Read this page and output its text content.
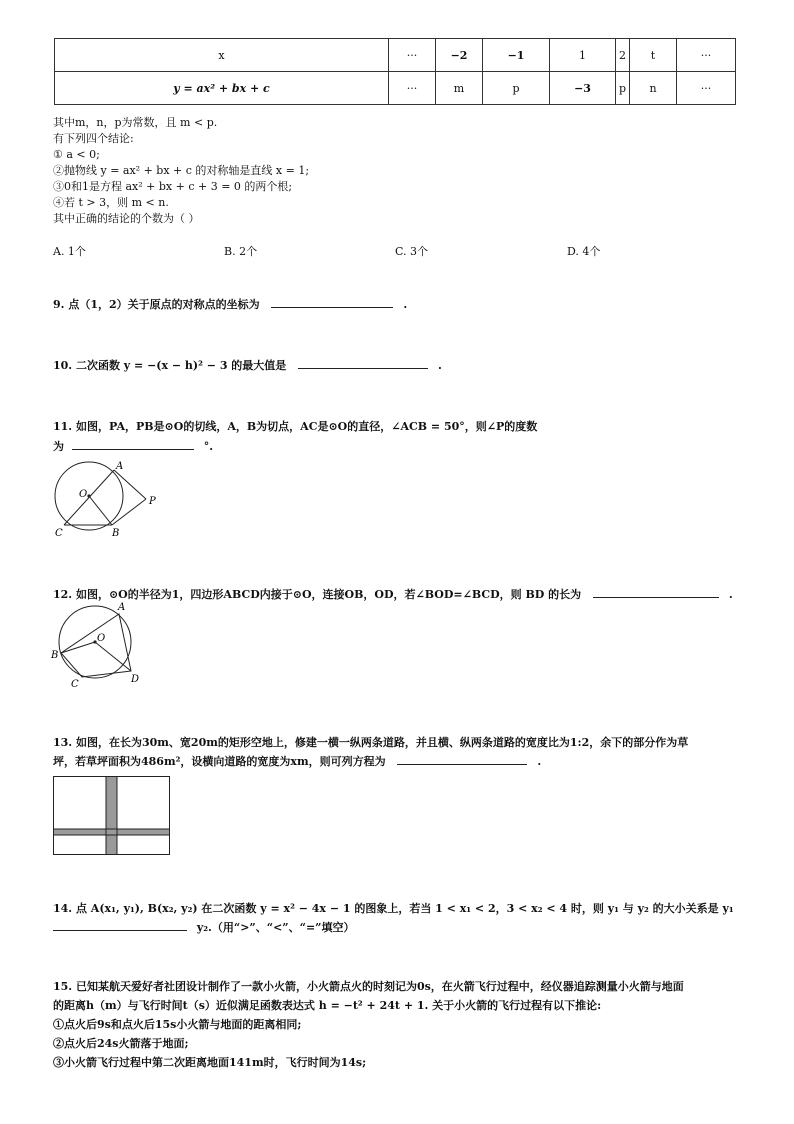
x	···	−2	−1	1	2	t	···
y = ax² + bx + c	···	m	p	−3	p	n	···
其中m，n，p为常数，且 m < p.
有下列四个结论:
① a < 0;
②抛物线 y = ax² + bx + c 的对称轴是直线 x = 1;
③0和1是方程 ax² + bx + c + 3 = 0 的两个根;
④若 t > 3，则 m < n.
其中正确的结论的个数为（ ）
A. 1个	B. 2个	C. 3个	D. 4个
9. 点（1，2）关于原点的对称点的坐标为	.
10. 二次函数 y = −(x − h)² − 3 的最大值是	.
11. 如图，PA，PB是⊙O的切线，A，B为切点，AC是⊙O的直径，∠ACB = 50°，则∠P的度数
为	°.
A
O
P
C	B
12. 如图，⊙O的半径为1，四边形ABCD内接于⊙O，连接OB，OD，若∠BOD=∠BCD，则 BD 的长为	.
A
O
B
C	D
13. 如图，在长为30m、宽20m的矩形空地上，修建一横一纵两条道路，并且横、纵两条道路的宽度比为1:2，余下的部分作为草
坪，若草坪面积为486m²，设横向道路的宽度为xm，则可列方程为	.
14. 点 A(x₁, y₁), B(x₂, y₂) 在二次函数 y = x² − 4x − 1 的图象上，若当 1 < x₁ < 2，3 < x₂ < 4 时，则 y₁ 与 y₂ 的大小关系是 y₁
y₂.（用“>”、“<”、“=”填空）
15. 已知某航天爱好者社团设计制作了一款小火箭，小火箭点火的时刻记为0s，在火箭飞行过程中，经仪器追踪测量小火箭与地面
的距离h（m）与飞行时间t（s）近似满足函数表达式 h = −t² + 24t + 1. 关于小火箭的飞行过程有以下推论:
①点火后9s和点火后15s小火箭与地面的距离相同;
②点火后24s火箭落于地面;
③小火箭飞行过程中第二次距离地面141m时，飞行时间为14s;
